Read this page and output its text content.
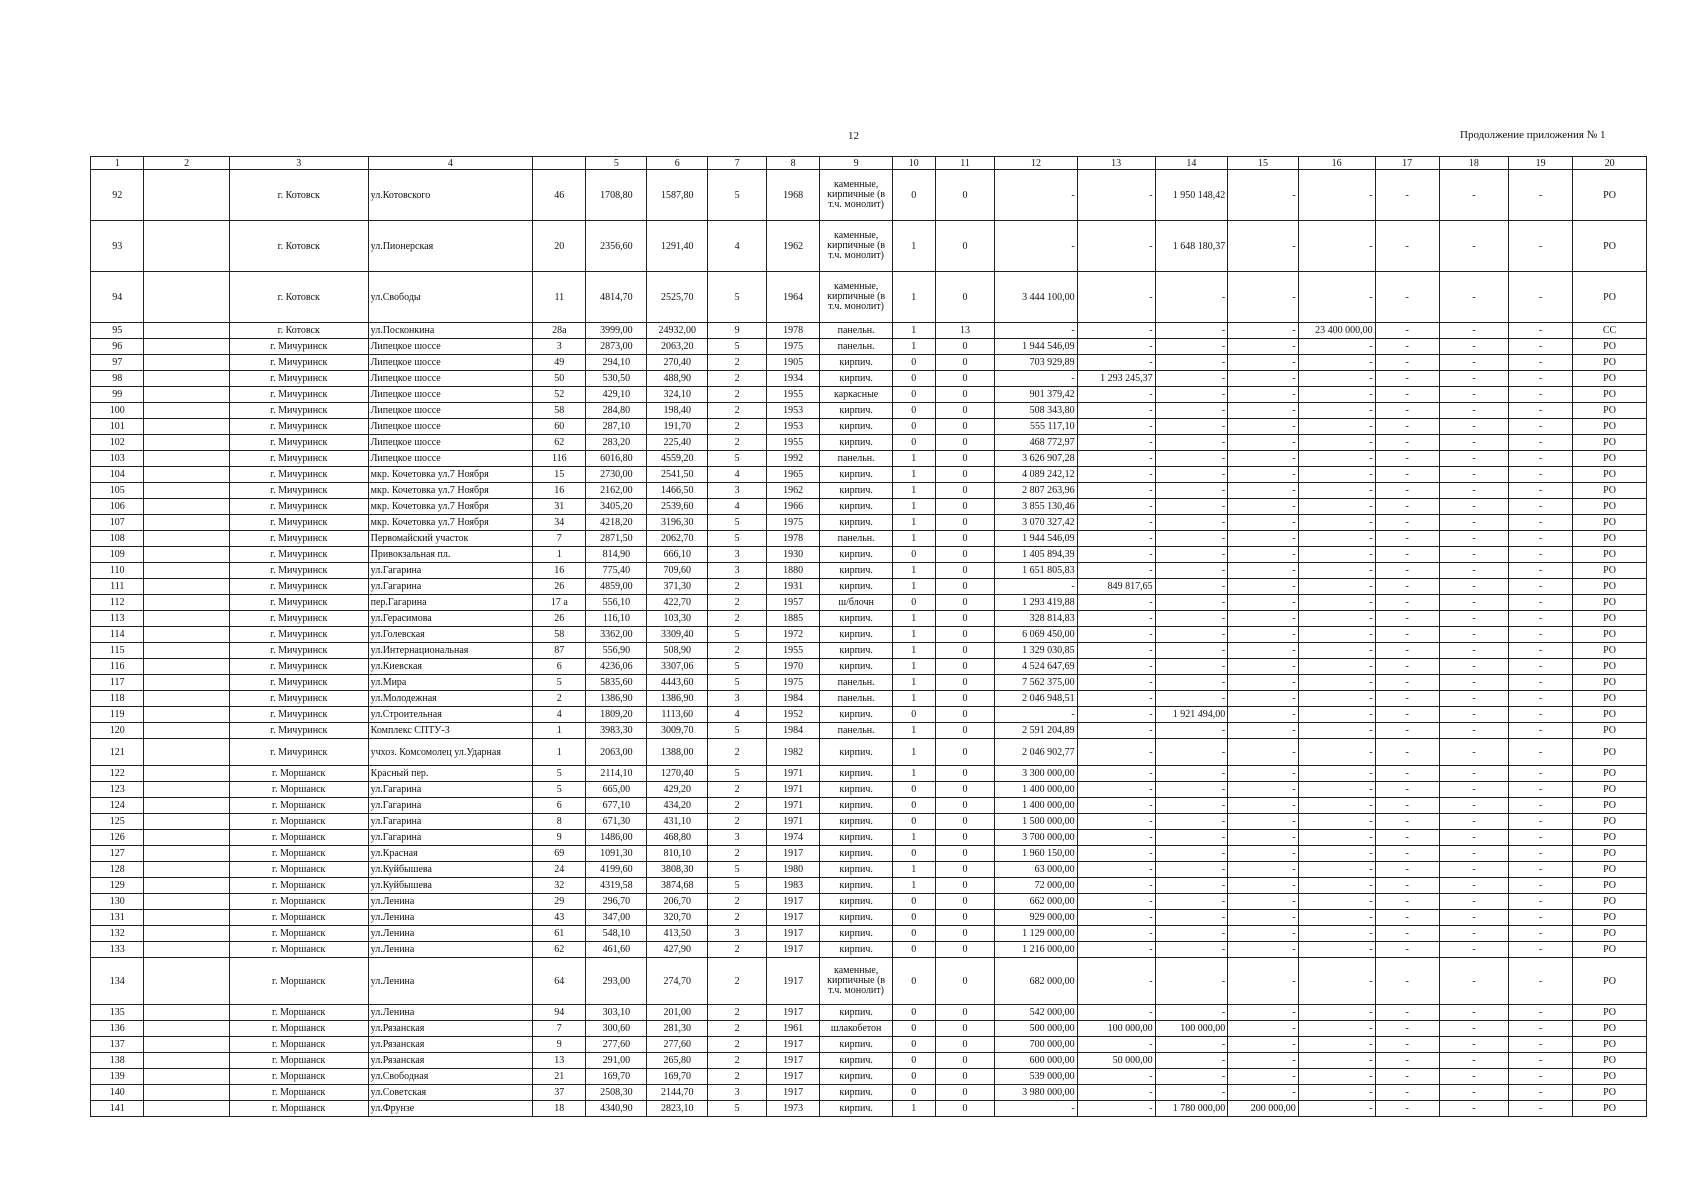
12	Продолжение приложения № 1
1	2	3	4		5	6	7	8	9	10	11	12	13	14	15	16	17	18	19	20
92		г. Котовск	ул.Котовского	46	1708,80	1587,80	5	1968	каменные, кирпичные (в т.ч. монолит)	0	0	-	-	1 950 148,42	-	-	-	-	-	РО
93		г. Котовск	ул.Пионерская	20	2356,60	1291,40	4	1962	каменные, кирпичные (в т.ч. монолит)	1	0	-	-	1 648 180,37	-	-	-	-	-	РО
94		г. Котовск	ул.Свободы	11	4814,70	2525,70	5	1964	каменные, кирпичные (в т.ч. монолит)	1	0	3 444 100,00	-	-	-	-	-	-	-	РО
95		г. Котовск	ул.Посконкина	28а	3999,00	24932,00	9	1978	панельн.	1	13	-	-	-	-	23 400 000,00	-	-	-	СС
96		г. Мичуринск	Липецкое шоссе	3	2873,00	2063,20	5	1975	панельн.	1	0	1 944 546,09	-	-	-	-	-	-	-	РО
97		г. Мичуринск	Липецкое шоссе	49	294,10	270,40	2	1905	кирпич.	0	0	703 929,89	-	-	-	-	-	-	-	РО
98		г. Мичуринск	Липецкое шоссе	50	530,50	488,90	2	1934	кирпич.	0	0	-	1 293 245,37	-	-	-	-	-	-	РО
99		г. Мичуринск	Липецкое шоссе	52	429,10	324,10	2	1955	каркасные	0	0	901 379,42	-	-	-	-	-	-	-	РО
100		г. Мичуринск	Липецкое шоссе	58	284,80	198,40	2	1953	кирпич.	0	0	508 343,80	-	-	-	-	-	-	-	РО
101		г. Мичуринск	Липецкое шоссе	60	287,10	191,70	2	1953	кирпич.	0	0	555 117,10	-	-	-	-	-	-	-	РО
102		г. Мичуринск	Липецкое шоссе	62	283,20	225,40	2	1955	кирпич.	0	0	468 772,97	-	-	-	-	-	-	-	РО
103		г. Мичуринск	Липецкое шоссе	116	6016,80	4559,20	5	1992	панельн.	1	0	3 626 907,28	-	-	-	-	-	-	-	РО
104		г. Мичуринск	мкр. Кочетовка ул.7 Ноября	15	2730,00	2541,50	4	1965	кирпич.	1	0	4 089 242,12	-	-	-	-	-	-	-	РО
105		г. Мичуринск	мкр. Кочетовка ул.7 Ноября	16	2162,00	1466,50	3	1962	кирпич.	1	0	2 807 263,96	-	-	-	-	-	-	-	РО
106		г. Мичуринск	мкр. Кочетовка ул.7 Ноября	31	3405,20	2539,60	4	1966	кирпич.	1	0	3 855 130,46	-	-	-	-	-	-	-	РО
107		г. Мичуринск	мкр. Кочетовка ул.7 Ноября	34	4218,20	3196,30	5	1975	кирпич.	1	0	3 070 327,42	-	-	-	-	-	-	-	РО
108		г. Мичуринск	Первомайский участок	7	2871,50	2062,70	5	1978	панельн.	1	0	1 944 546,09	-	-	-	-	-	-	-	РО
109		г. Мичуринск	Привокзальная пл.	1	814,90	666,10	3	1930	кирпич.	0	0	1 405 894,39	-	-	-	-	-	-	-	РО
110		г. Мичуринск	ул.Гагарина	16	775,40	709,60	3	1880	кирпич.	1	0	1 651 805,83	-	-	-	-	-	-	-	РО
111		г. Мичуринск	ул.Гагарина	26	4859,00	371,30	2	1931	кирпич.	1	0	-	849 817,65	-	-	-	-	-	-	РО
112		г. Мичуринск	пер.Гагарина	17 а	556,10	422,70	2	1957	ш/блочн	0	0	1 293 419,88	-	-	-	-	-	-	-	РО
113		г. Мичуринск	ул.Герасимова	26	116,10	103,30	2	1885	кирпич.	1	0	328 814,83	-	-	-	-	-	-	-	РО
114		г. Мичуринск	ул.Голевская	58	3362,00	3309,40	5	1972	кирпич.	1	0	6 069 450,00	-	-	-	-	-	-	-	РО
115		г. Мичуринск	ул.Интернациональная	87	556,90	508,90	2	1955	кирпич.	1	0	1 329 030,85	-	-	-	-	-	-	-	РО
116		г. Мичуринск	ул.Киевская	6	4236,06	3307,06	5	1970	кирпич.	1	0	4 524 647,69	-	-	-	-	-	-	-	РО
117		г. Мичуринск	ул.Мира	5	5835,60	4443,60	5	1975	панельн.	1	0	7 562 375,00	-	-	-	-	-	-	-	РО
118		г. Мичуринск	ул.Молодежная	2	1386,90	1386,90	3	1984	панельн.	1	0	2 046 948,51	-	-	-	-	-	-	-	РО
119		г. Мичуринск	ул.Строительная	4	1809,20	1113,60	4	1952	кирпич.	0	0	-	-	1 921 494,00	-	-	-	-	-	РО
120		г. Мичуринск	Комплекс СПТУ-3	1	3983,30	3009,70	5	1984	панельн.	1	0	2 591 204,89	-	-	-	-	-	-	-	РО
121		г. Мичуринск	учхоз. Комсомолец ул.Ударная	1	2063,00	1388,00	2	1982	кирпич.	1	0	2 046 902,77	-	-	-	-	-	-	-	РО
122		г. Моршанск	Красный пер.	5	2114,10	1270,40	5	1971	кирпич.	1	0	3 300 000,00	-	-	-	-	-	-	-	РО
123		г. Моршанск	ул.Гагарина	5	665,00	429,20	2	1971	кирпич.	0	0	1 400 000,00	-	-	-	-	-	-	-	РО
124		г. Моршанск	ул.Гагарина	6	677,10	434,20	2	1971	кирпич.	0	0	1 400 000,00	-	-	-	-	-	-	-	РО
125		г. Моршанск	ул.Гагарина	8	671,30	431,10	2	1971	кирпич.	0	0	1 500 000,00	-	-	-	-	-	-	-	РО
126		г. Моршанск	ул.Гагарина	9	1486,00	468,80	3	1974	кирпич.	1	0	3 700 000,00	-	-	-	-	-	-	-	РО
127		г. Моршанск	ул.Красная	69	1091,30	810,10	2	1917	кирпич.	0	0	1 960 150,00	-	-	-	-	-	-	-	РО
128		г. Моршанск	ул.Куйбышева	24	4199,60	3808,30	5	1980	кирпич.	1	0	63 000,00	-	-	-	-	-	-	-	РО
129		г. Моршанск	ул.Куйбышева	32	4319,58	3874,68	5	1983	кирпич.	1	0	72 000,00	-	-	-	-	-	-	-	РО
130		г. Моршанск	ул.Ленина	29	296,70	206,70	2	1917	кирпич.	0	0	662 000,00	-	-	-	-	-	-	-	РО
131		г. Моршанск	ул.Ленина	43	347,00	320,70	2	1917	кирпич.	0	0	929 000,00	-	-	-	-	-	-	-	РО
132		г. Моршанск	ул.Ленина	61	548,10	413,50	3	1917	кирпич.	0	0	1 129 000,00	-	-	-	-	-	-	-	РО
133		г. Моршанск	ул.Ленина	62	461,60	427,90	2	1917	кирпич.	0	0	1 216 000,00	-	-	-	-	-	-	-	РО
134		г. Моршанск	ул.Ленина	64	293,00	274,70	2	1917	каменные, кирпичные (в т.ч. монолит)	0	0	682 000,00	-	-	-	-	-	-	-	РО
135		г. Моршанск	ул.Ленина	94	303,10	201,00	2	1917	кирпич.	0	0	542 000,00	-	-	-	-	-	-	-	РО
136		г. Моршанск	ул.Рязанская	7	300,60	281,30	2	1961	шлакобетон	0	0	500 000,00	100 000,00	100 000,00	-	-	-	-	-	РО
137		г. Моршанск	ул.Рязанская	9	277,60	277,60	2	1917	кирпич.	0	0	700 000,00	-	-	-	-	-	-	-	РО
138		г. Моршанск	ул.Рязанская	13	291,00	265,80	2	1917	кирпич.	0	0	600 000,00	50 000,00	-	-	-	-	-	-	РО
139		г. Моршанск	ул.Свободная	21	169,70	169,70	2	1917	кирпич.	0	0	539 000,00	-	-	-	-	-	-	-	РО
140		г. Моршанск	ул.Советская	37	2508,30	2144,70	3	1917	кирпич.	0	0	3 980 000,00	-	-	-	-	-	-	-	РО
141		г. Моршанск	ул.Фрунзе	18	4340,90	2823,10	5	1973	кирпич.	1	0	-	-	1 780 000,00	200 000,00	-	-	-	-	РО
